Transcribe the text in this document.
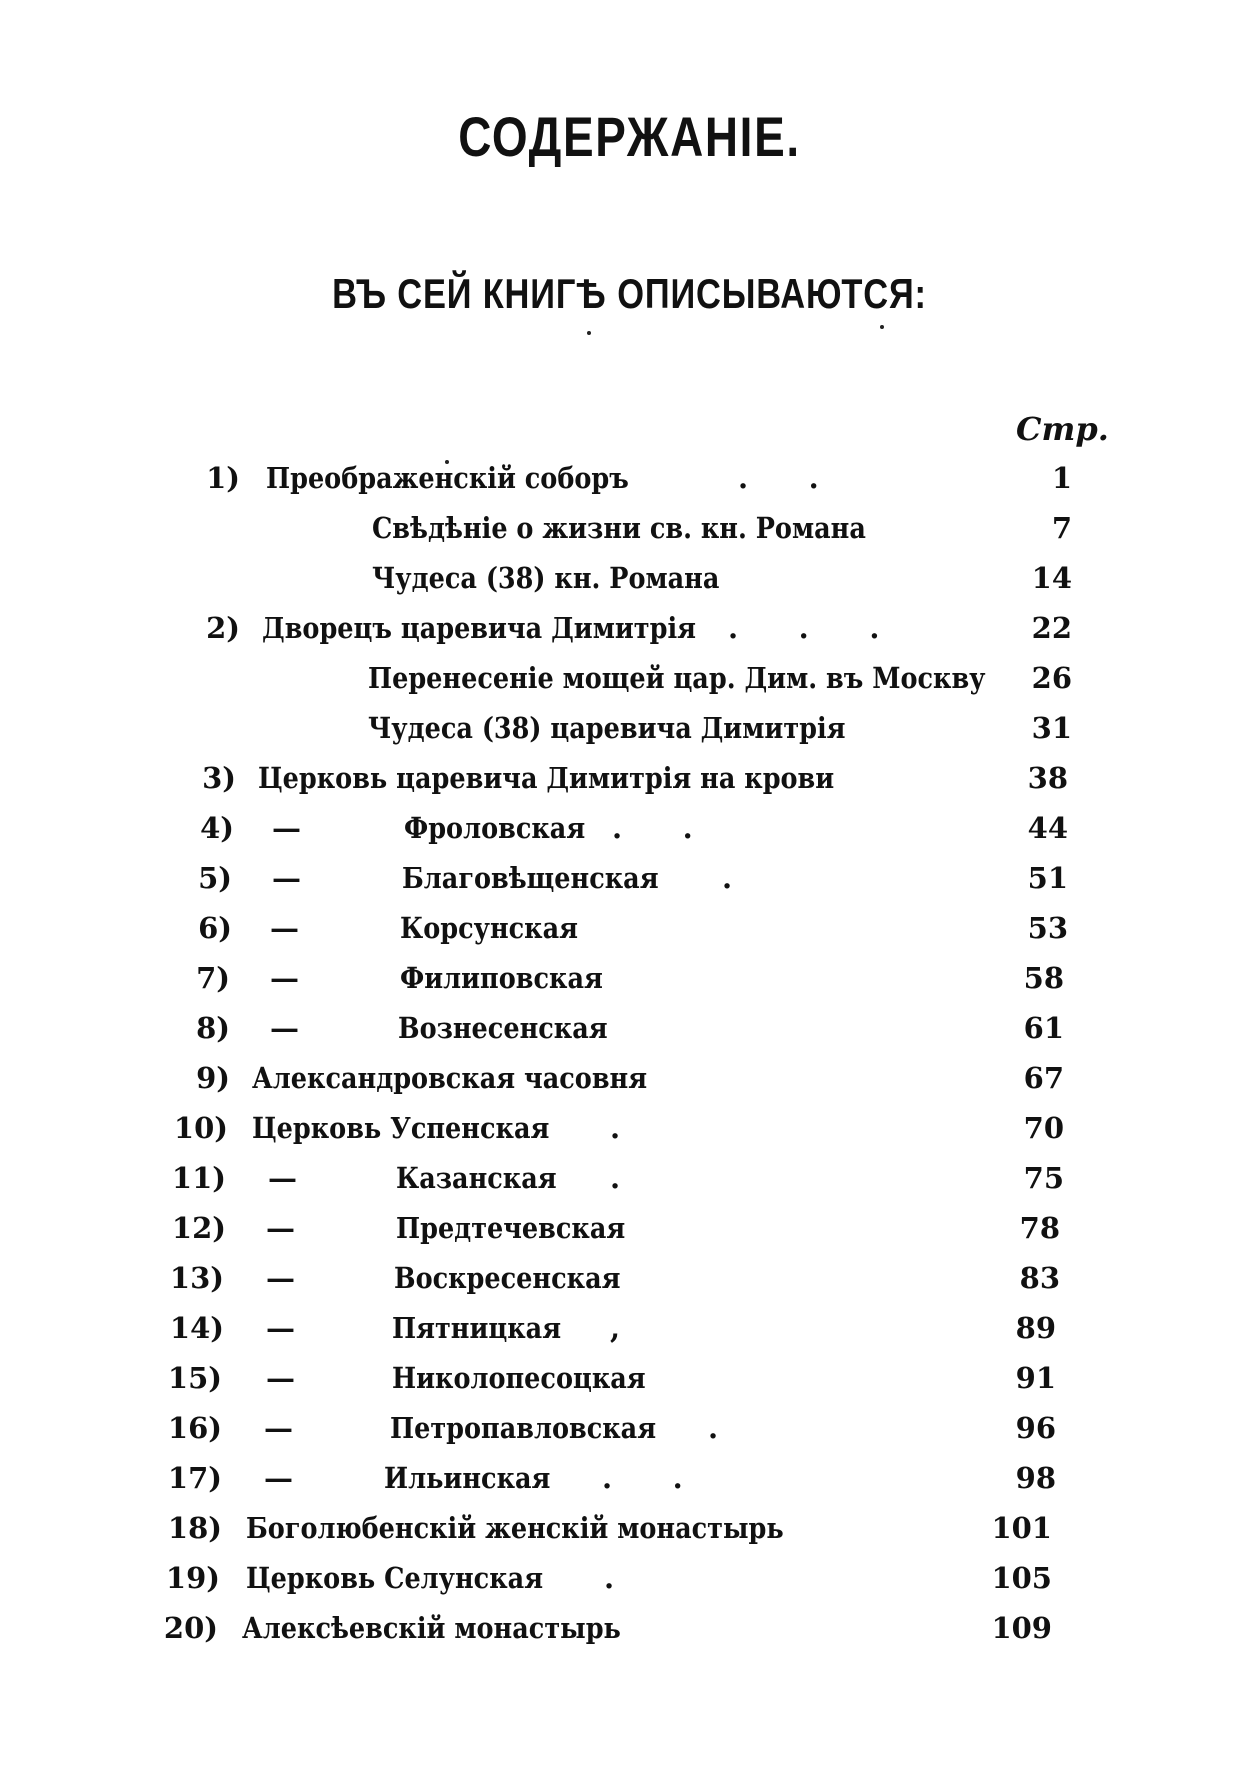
СОДЕРЖАНІЕ.
ВЪ СЕЙ КНИГѢ ОПИСЫВАЮТСЯ:
Стр.
1) Преображенскій соборъ	.      .	1
Свѣдѣніе о жизни св. кн. Романа	7
Чудеса (38) кн. Романа	14
2) Дворецъ царевича Димитрія .      .      .	22
Перенесеніе мощей цар. Дим. въ Москву	26
Чудеса (38) царевича Димитрія	31
3) Церковь царевича Димитрія на крови	38
4) —	Фроловская .      .	44
5) —	Благовѣщенская .	51
6) —	Корсунская	53
7) —	Филиповская	58
8) —	Вознесенская	61
9) Александровская часовня	67
10) Церковь Успенская .	70
11) —	Казанская .	75
12) —	Предтечевская	78
13) —	Воскресенская	83
14) —	Пятницкая ,	89
15) —	Николопесоцкая	91
16) —	Петропавловская .	96
17) —	Ильинская .      .	98
18) Боголюбенскій женскій монастырь	101
19) Церковь Селунская .	105
20) Алексѣевскій монастырь	109
